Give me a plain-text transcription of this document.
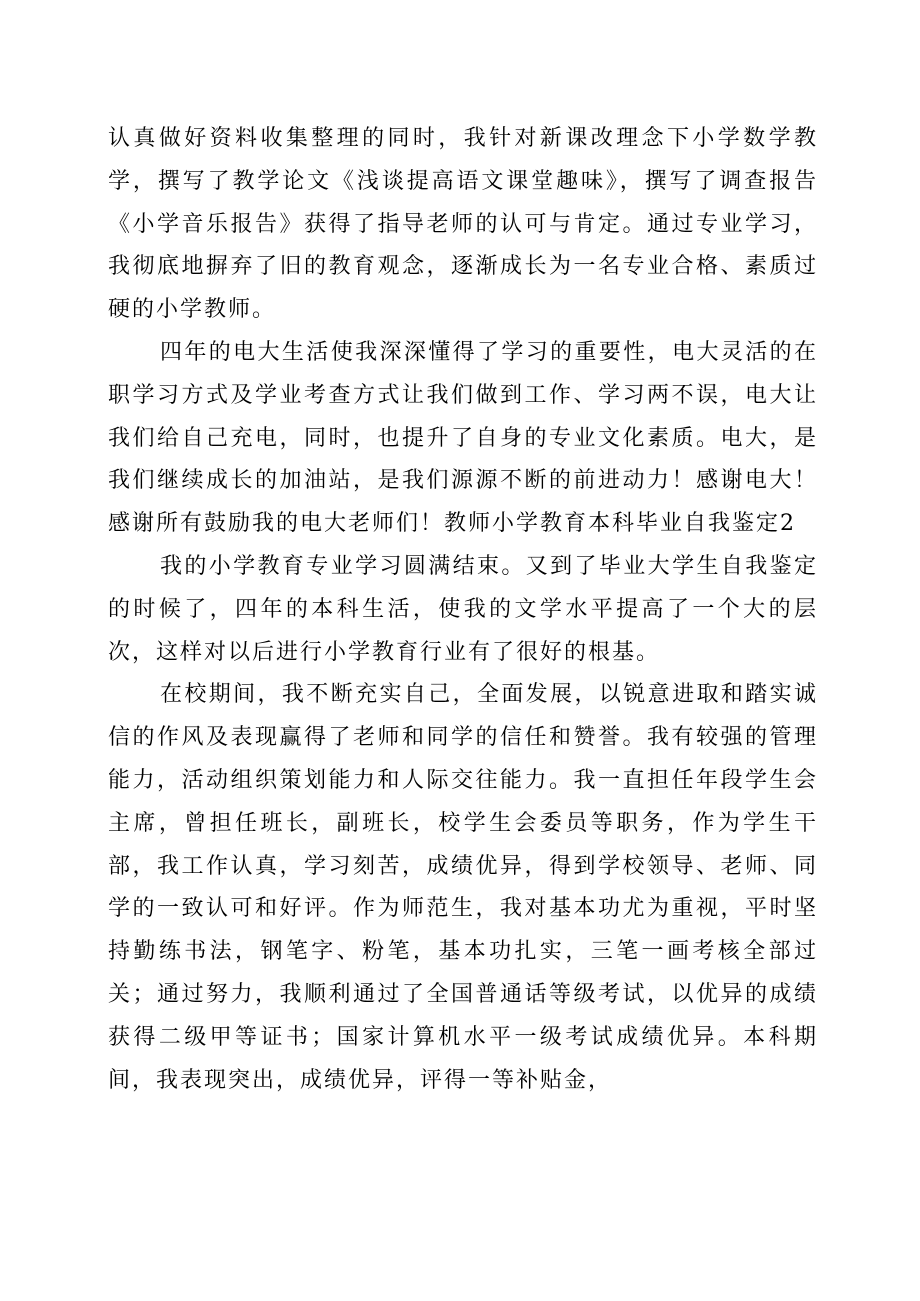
认真做好资料收集整理的同时，我针对新课改理念下小学数学教学，撰写了教学论文《浅谈提高语文课堂趣味》，撰写了调查报告《小学音乐报告》获得了指导老师的认可与肯定。通过专业学习，我彻底地摒弃了旧的教育观念，逐渐成长为一名专业合格、素质过硬的小学教师。

四年的电大生活使我深深懂得了学习的重要性，电大灵活的在职学习方式及学业考查方式让我们做到工作、学习两不误，电大让我们给自己充电，同时，也提升了自身的专业文化素质。电大，是我们继续成长的加油站，是我们源源不断的前进动力！感谢电大！感谢所有鼓励我的电大老师们！教师小学教育本科毕业自我鉴定2

我的小学教育专业学习圆满结束。又到了毕业大学生自我鉴定的时候了，四年的本科生活，使我的文学水平提高了一个大的层次，这样对以后进行小学教育行业有了很好的根基。

在校期间，我不断充实自己，全面发展，以锐意进取和踏实诚信的作风及表现赢得了老师和同学的信任和赞誉。我有较强的管理能力，活动组织策划能力和人际交往能力。我一直担任年段学生会主席，曾担任班长，副班长，校学生会委员等职务，作为学生干部，我工作认真，学习刻苦，成绩优异，得到学校领导、老师、同学的一致认可和好评。作为师范生，我对基本功尤为重视，平时坚持勤练书法，钢笔字、粉笔，基本功扎实，三笔一画考核全部过关；通过努力，我顺利通过了全国普通话等级考试，以优异的成绩获得二级甲等证书；国家计算机水平一级考试成绩优异。本科期间，我表现突出，成绩优异，评得一等补贴金，
